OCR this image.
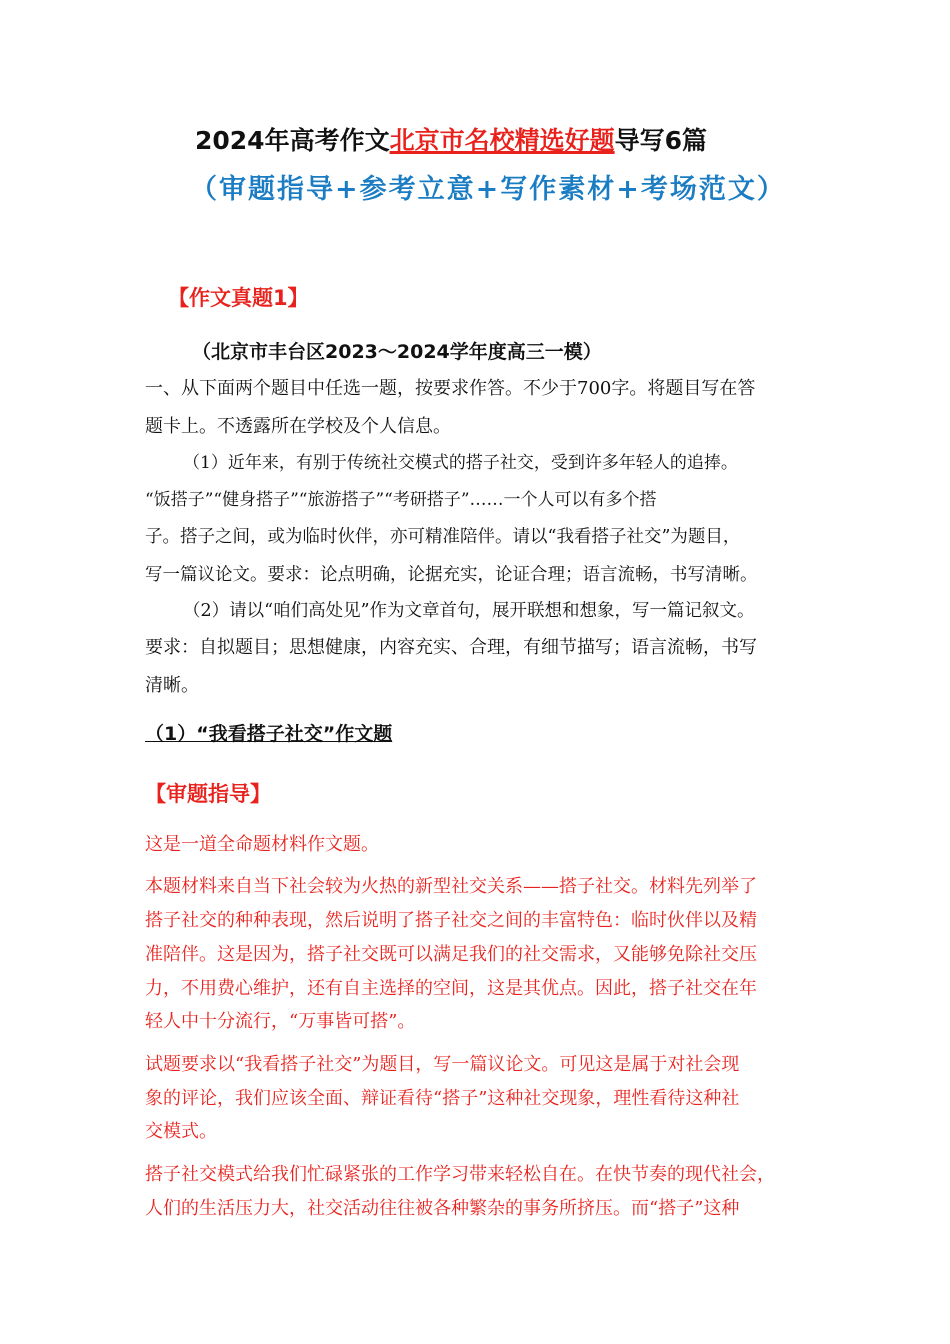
2024年高考作文北京市名校精选好题导写6篇
（审题指导+参考立意+写作素材+考场范文）
【作文真题1】
（北京市丰台区2023～2024学年度高三一模）
一、从下面两个题目中任选一题，按要求作答。不少于700字。将题目写在答
题卡上。不透露所在学校及个人信息。
（1）近年来，有别于传统社交模式的搭子社交，受到许多年轻人的追捧。
“饭搭子”“健身搭子”“旅游搭子”“考研搭子”……一个人可以有多个搭
子。搭子之间，或为临时伙伴，亦可精准陪伴。请以“我看搭子社交”为题目，
写一篇议论文。要求：论点明确，论据充实，论证合理；语言流畅，书写清晰。
（2）请以“咱们高处见”作为文章首句，展开联想和想象，写一篇记叙文。
要求：自拟题目；思想健康，内容充实、合理，有细节描写；语言流畅，书写
清晰。
（1）“我看搭子社交”作文题
【审题指导】
这是一道全命题材料作文题。
本题材料来自当下社会较为火热的新型社交关系——搭子社交。材料先列举了
搭子社交的种种表现，然后说明了搭子社交之间的丰富特色：临时伙伴以及精
准陪伴。这是因为，搭子社交既可以满足我们的社交需求，又能够免除社交压
力，不用费心维护，还有自主选择的空间，这是其优点。因此，搭子社交在年
轻人中十分流行，“万事皆可搭”。
试题要求以“我看搭子社交”为题目，写一篇议论文。可见这是属于对社会现
象的评论，我们应该全面、辩证看待“搭子”这种社交现象，理性看待这种社
交模式。
搭子社交模式给我们忙碌紧张的工作学习带来轻松自在。在快节奏的现代社会，
人们的生活压力大，社交活动往往被各种繁杂的事务所挤压。而“搭子”这种
